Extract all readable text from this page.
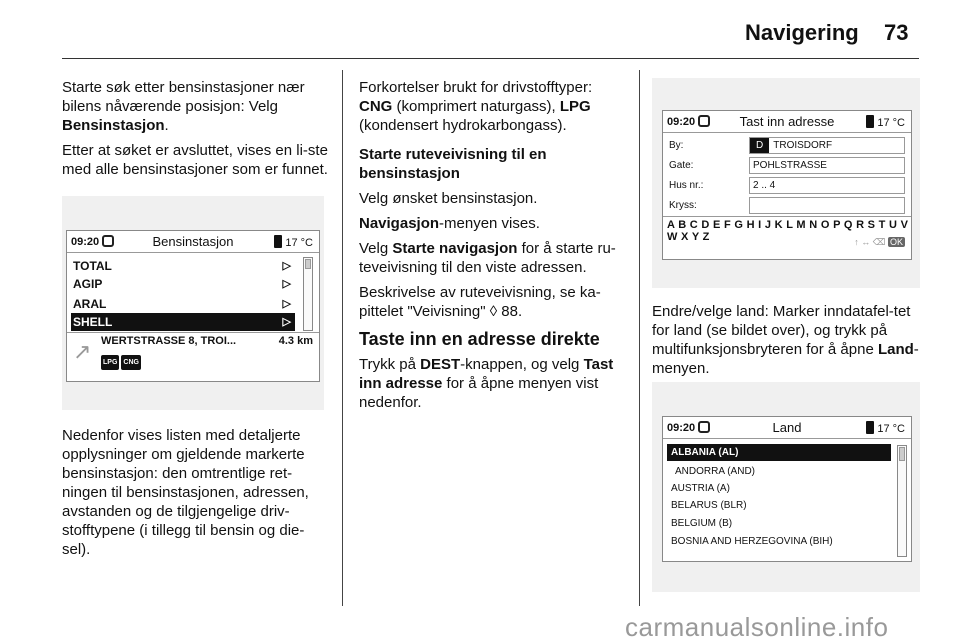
Navigering 73

Starte søk etter bensinstasjoner nær bilens nåværende posisjon: Velg Bensinstasjon.

Etter at søket er avsluttet, vises en li-ste med alle bensinstasjoner som er funnet.

09:20	Bensinstasjon	17 °C
TOTAL	▷
AGIP	▷
ARAL	▷
SHELL	▷
↗ WERTSTRASSE 8, TROI...	4.3 km
LPG CNG

Nedenfor vises listen med detaljerte opplysninger om gjeldende markerte bensinstasjon: den omtrentlige ret-ningen til bensinstasjonen, adressen, avstanden og de tilgjengelige driv-stofftypene (i tillegg til bensin og die-sel).

Forkortelser brukt for drivstofftyper: CNG (komprimert naturgass), LPG (kondensert hydrokarbongass).

Starte ruteveivisning til en bensinstasjon

Velg ønsket bensinstasjon.

Navigasjon-menyen vises.

Velg Starte navigasjon for å starte ru-teveivisning til den viste adressen.

Beskrivelse av ruteveivisning, se ka-pittelet "Veivisning" ◊ 88.

Taste inn en adresse direkte

Trykk på DEST-knappen, og velg Tast inn adresse for å åpne menyen vist nedenfor.

09:20	Tast inn adresse	17 °C
By:	D TROISDORF
Gate:	POHLSTRASSE
Hus nr.:	2 .. 4
Kryss:
A B C D E F G H I J K L M N O P Q R S T U V W X Y Z	↑ ↔ ⌫ OK

Endre/velge land: Marker inndatafel-tet for land (se bildet over), og trykk på multifunksjonsbryteren for å åpne Land-menyen.

09:20	Land	17 °C
ALBANIA (AL)
ANDORRA (AND)
AUSTRIA (A)
BELARUS (BLR)
BELGIUM (B)
BOSNIA AND HERZEGOVINA (BIH)
carmanualsonline.info
